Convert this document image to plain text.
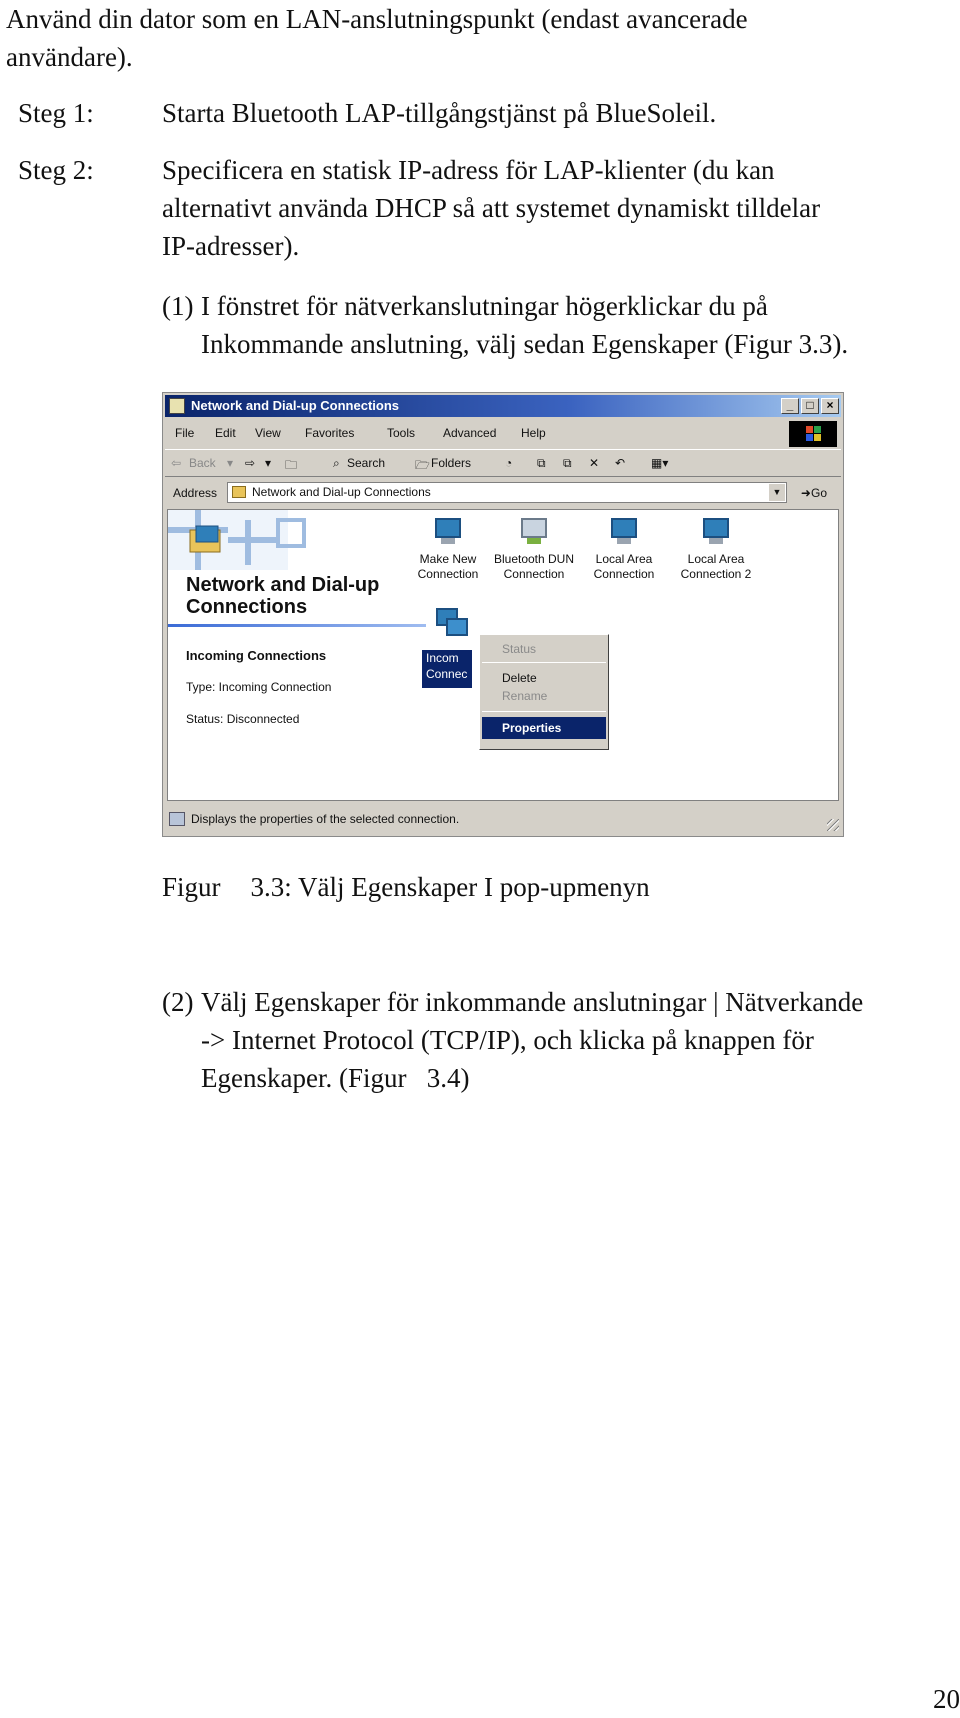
Använd din dator som en LAN-anslutningspunkt (endast avancerade
användare).
Steg 1:	Starta Bluetooth LAP-tillgångstjänst på BlueSoleil.
Steg 2:	Specificera en statisk IP-adress för LAP-klienter (du kan
alternativt använda DHCP så att systemet dynamiskt tilldelar
IP-adresser).
(1) I fönstret för nätverkanslutningar högerklickar du på
Inkommande anslutning, välj sedan Egenskaper (Figur 3.3).
Network and Dial-up Connections	_	□	×
File Edit View Favorites	Tools Advanced Help
⇦ Back ▾ ⇨ ▾ 🗀	⌕ Search 🗁 Folders	◔ ⧉ ⧉ ✕ ↶ ▦▾
Address	Network and Dial-up Connections	▼ ➜Go
Network and Dial-up
Connections
Incoming Connections
Type: Incoming Connection
Status: Disconnected
Make New
Connection
Bluetooth DUN
Connection
Local Area
Connection
Local Area
Connection 2
Incom
Connec
Status
Delete
Rename
Properties
Displays the properties of the selected connection.
Figur 3.3: Välj Egenskaper I pop-upmenyn
(2) Välj Egenskaper för inkommande anslutningar | Nätverkande
-> Internet Protocol (TCP/IP), och klicka på knappen för
Egenskaper. (Figur   3.4)
20
